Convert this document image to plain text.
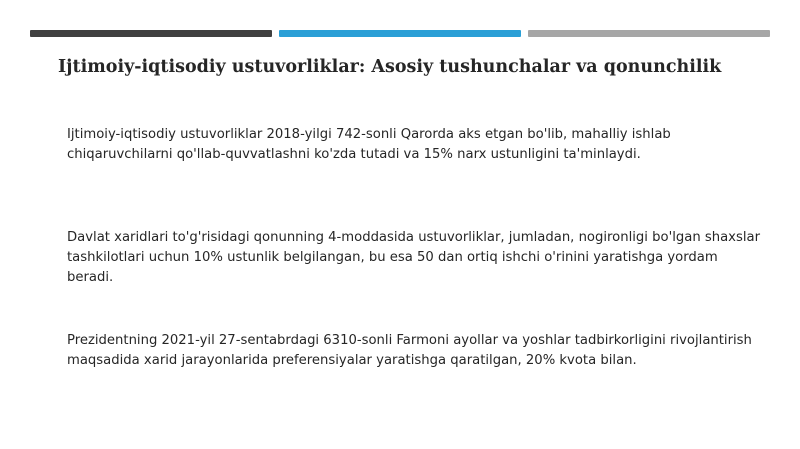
Ijtimoiy-iqtisodiy ustuvorliklar: Asosiy tushunchalar va qonunchilik

Ijtimoiy-iqtisodiy ustuvorliklar 2018-yilgi 742-sonli Qarorda aks etgan bo'lib, mahalliy ishlab chiqaruvchilarni qo'llab-quvvatlashni ko'zda tutadi va 15% narx ustunligini ta'minlaydi.

Davlat xaridlari to'g'risidagi qonunning 4-moddasida ustuvorliklar, jumladan, nogironligi bo'lgan shaxslar tashkilotlari uchun 10% ustunlik belgilangan, bu esa 50 dan ortiq ishchi o'rinini yaratishga yordam beradi.

Prezidentning 2021-yil 27-sentabrdagi 6310-sonli Farmoni ayollar va yoshlar tadbirkorligini rivojlantirish maqsadida xarid jarayonlarida preferensiyalar yaratishga qaratilgan, 20% kvota bilan.
